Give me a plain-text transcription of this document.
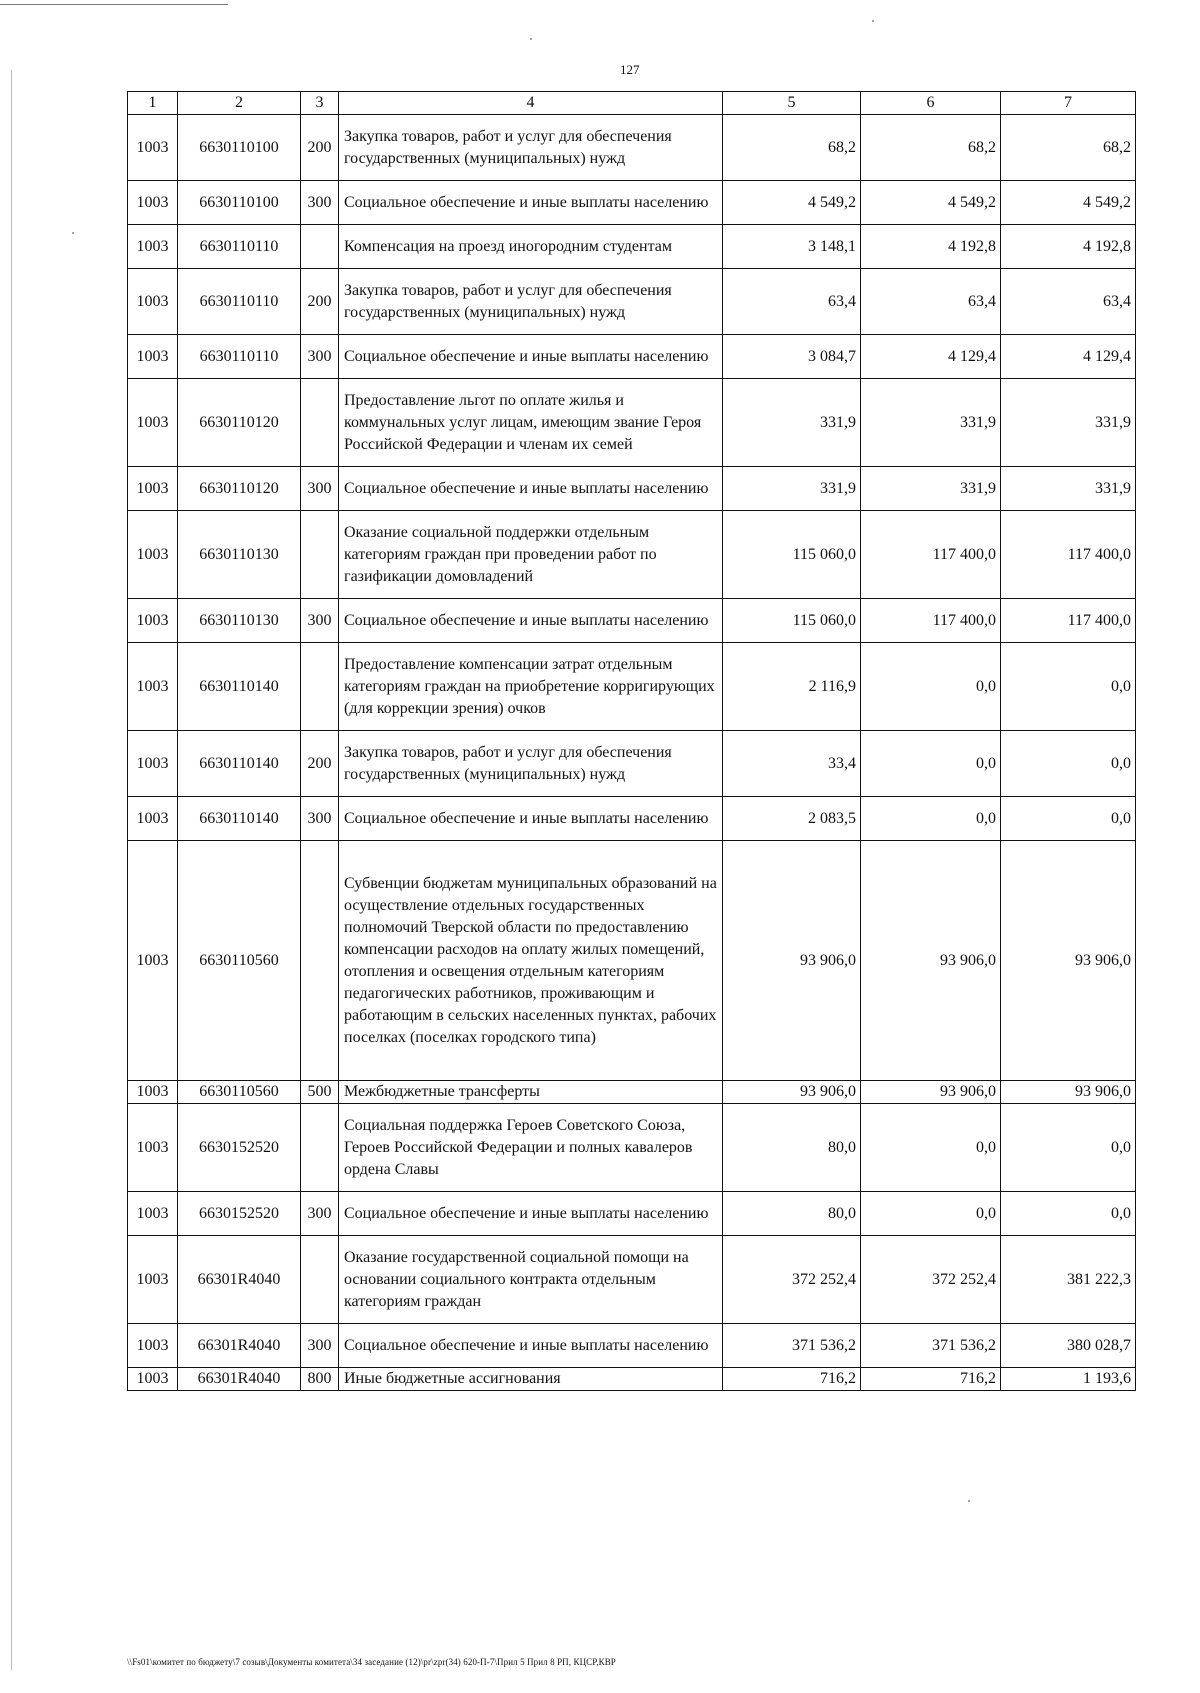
127
1	2	3	4	5	6	7
1003	6630110100	200	Закупка товаров, работ и услуг для обеспечения государственных (муниципальных) нужд	68,2	68,2	68,2
1003	6630110100	300	Социальное обеспечение и иные выплаты населению	4 549,2	4 549,2	4 549,2
1003	6630110110		Компенсация на проезд иногородним студентам	3 148,1	4 192,8	4 192,8
1003	6630110110	200	Закупка товаров, работ и услуг для обеспечения государственных (муниципальных) нужд	63,4	63,4	63,4
1003	6630110110	300	Социальное обеспечение и иные выплаты населению	3 084,7	4 129,4	4 129,4
1003	6630110120		Предоставление льгот по оплате жилья и коммунальных услуг лицам, имеющим звание Героя Российской Федерации и членам их семей	331,9	331,9	331,9
1003	6630110120	300	Социальное обеспечение и иные выплаты населению	331,9	331,9	331,9
1003	6630110130		Оказание социальной поддержки отдельным категориям граждан при проведении работ по газификации домовладений	115 060,0	117 400,0	117 400,0
1003	6630110130	300	Социальное обеспечение и иные выплаты населению	115 060,0	117 400,0	117 400,0
1003	6630110140		Предоставление компенсации затрат отдельным категориям граждан на приобретение корригирующих (для коррекции зрения) очков	2 116,9	0,0	0,0
1003	6630110140	200	Закупка товаров, работ и услуг для обеспечения государственных (муниципальных) нужд	33,4	0,0	0,0
1003	6630110140	300	Социальное обеспечение и иные выплаты населению	2 083,5	0,0	0,0
1003	6630110560		Субвенции бюджетам муниципальных образований на осуществление отдельных государственных полномочий Тверской области по предоставлению компенсации расходов на оплату жилых помещений, отопления и освещения отдельным категориям педагогических работников, проживающим и работающим в сельских населенных пунктах, рабочих поселках (поселках городского типа)	93 906,0	93 906,0	93 906,0
1003	6630110560	500	Межбюджетные трансферты	93 906,0	93 906,0	93 906,0
1003	6630152520		Социальная поддержка Героев Советского Союза, Героев Российской Федерации и полных кавалеров ордена Славы	80,0	0,0	0,0
1003	6630152520	300	Социальное обеспечение и иные выплаты населению	80,0	0,0	0,0
1003	66301R4040		Оказание государственной социальной помощи на основании социального контракта отдельным категориям граждан	372 252,4	372 252,4	381 222,3
1003	66301R4040	300	Социальное обеспечение и иные выплаты населению	371 536,2	371 536,2	380 028,7
1003	66301R4040	800	Иные бюджетные ассигнования	716,2	716,2	1 193,6
\\Fs01\комитет по бюджету\7 созыв\Документы комитета\34 заседание (12)\pr\zpr(34) 620-П-7\Прил 5 Прил 8 РП, КЦСР,КВР
